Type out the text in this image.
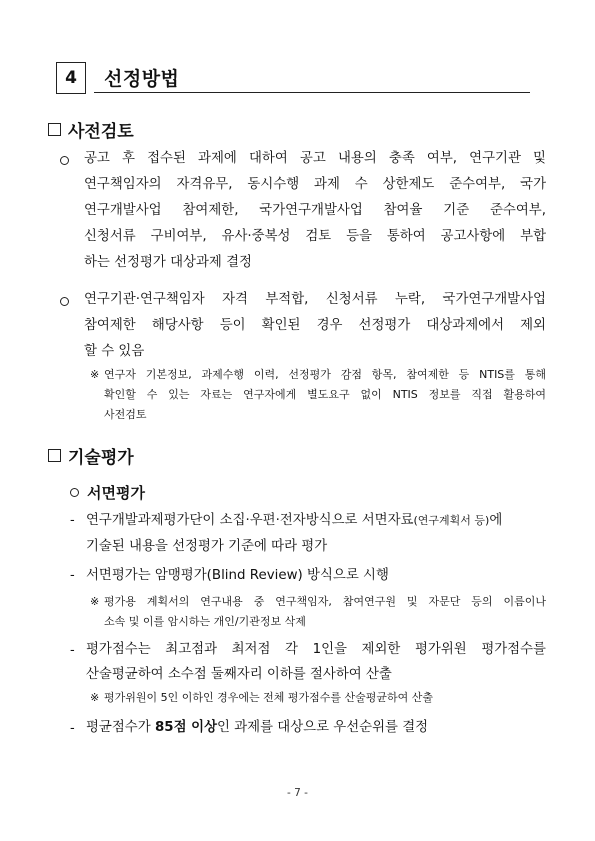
4 선정방법
사전검토
공고 후 접수된 과제에 대하여 공고 내용의 충족 여부, 연구기관 및
연구책임자의 자격유무, 동시수행 과제 수 상한제도 준수여부, 국가
연구개발사업 참여제한, 국가연구개발사업 참여율 기준 준수여부,
신청서류 구비여부, 유사·중복성 검토 등을 통하여 공고사항에 부합
하는 선정평가 대상과제 결정
연구기관·연구책임자 자격 부적합, 신청서류 누락, 국가연구개발사업
참여제한 해당사항 등이 확인된 경우 선정평가 대상과제에서 제외
할 수 있음
※ 연구자 기본정보, 과제수행 이력, 선정평가 감점 항목, 참여제한 등 NTIS를 통해
확인할 수 있는 자료는 연구자에게 별도요구 없이 NTIS 정보를 직접 활용하여
사전검토
기술평가
서면평가
- 연구개발과제평가단이 소집·우편·전자방식으로 서면자료(연구계획서 등)에
기술된 내용을 선정평가 기준에 따라 평가
- 서면평가는 암맹평가(Blind Review) 방식으로 시행
※ 평가용 계획서의 연구내용 중 연구책임자, 참여연구원 및 자문단 등의 이름이나
소속 및 이를 암시하는 개인/기관정보 삭제
- 평가점수는 최고점과 최저점 각 1인을 제외한 평가위원 평가점수를
산술평균하여 소수점 둘째자리 이하를 절사하여 산출
※ 평가위원이 5인 이하인 경우에는 전체 평가점수를 산술평균하여 산출
- 평균점수가 85점 이상인 과제를 대상으로 우선순위를 결정
- 7 -
